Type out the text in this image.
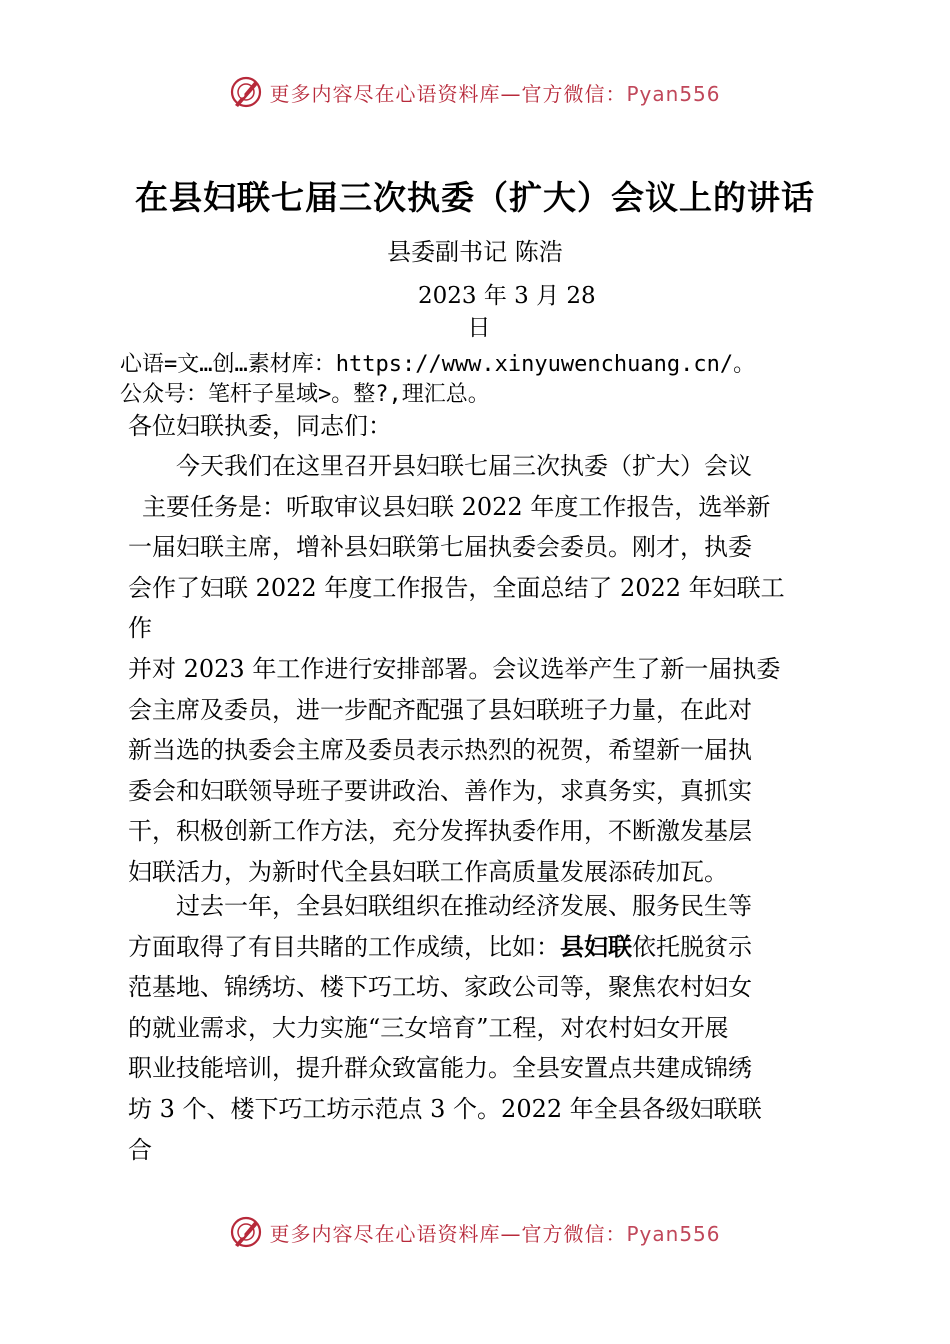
更多内容尽在心语资料库—官方微信：Pyan556
在县妇联七届三次执委（扩大）会议上的讲话
县委副书记 陈浩
2023 年 3 月 28
日
心语=文…创…素材库：https://www.xinyuwenchuang.cn/。
公众号：笔杆子星域>。整?,理汇总。
各位妇联执委，同志们：
今天我们在这里召开县妇联七届三次执委（扩大）会议
主要任务是：听取审议县妇联 2022 年度工作报告，选举新
一届妇联主席，增补县妇联第七届执委会委员。刚才，执委
会作了妇联 2022 年度工作报告，全面总结了 2022 年妇联工
作
并对 2023 年工作进行安排部署。会议选举产生了新一届执委
会主席及委员，进一步配齐配强了县妇联班子力量，在此对
新当选的执委会主席及委员表示热烈的祝贺，希望新一届执
委会和妇联领导班子要讲政治、善作为，求真务实，真抓实
干，积极创新工作方法，充分发挥执委作用，不断激发基层
妇联活力，为新时代全县妇联工作高质量发展添砖加瓦。
过去一年，全县妇联组织在推动经济发展、服务民生等
方面取得了有目共睹的工作成绩，比如：县妇联依托脱贫示
范基地、锦绣坊、楼下巧工坊、家政公司等，聚焦农村妇女
的就业需求，大力实施“三女培育”工程，对农村妇女开展
职业技能培训，提升群众致富能力。全县安置点共建成锦绣
坊 3 个、楼下巧工坊示范点 3 个。2022 年全县各级妇联联
合
更多内容尽在心语资料库—官方微信：Pyan556
